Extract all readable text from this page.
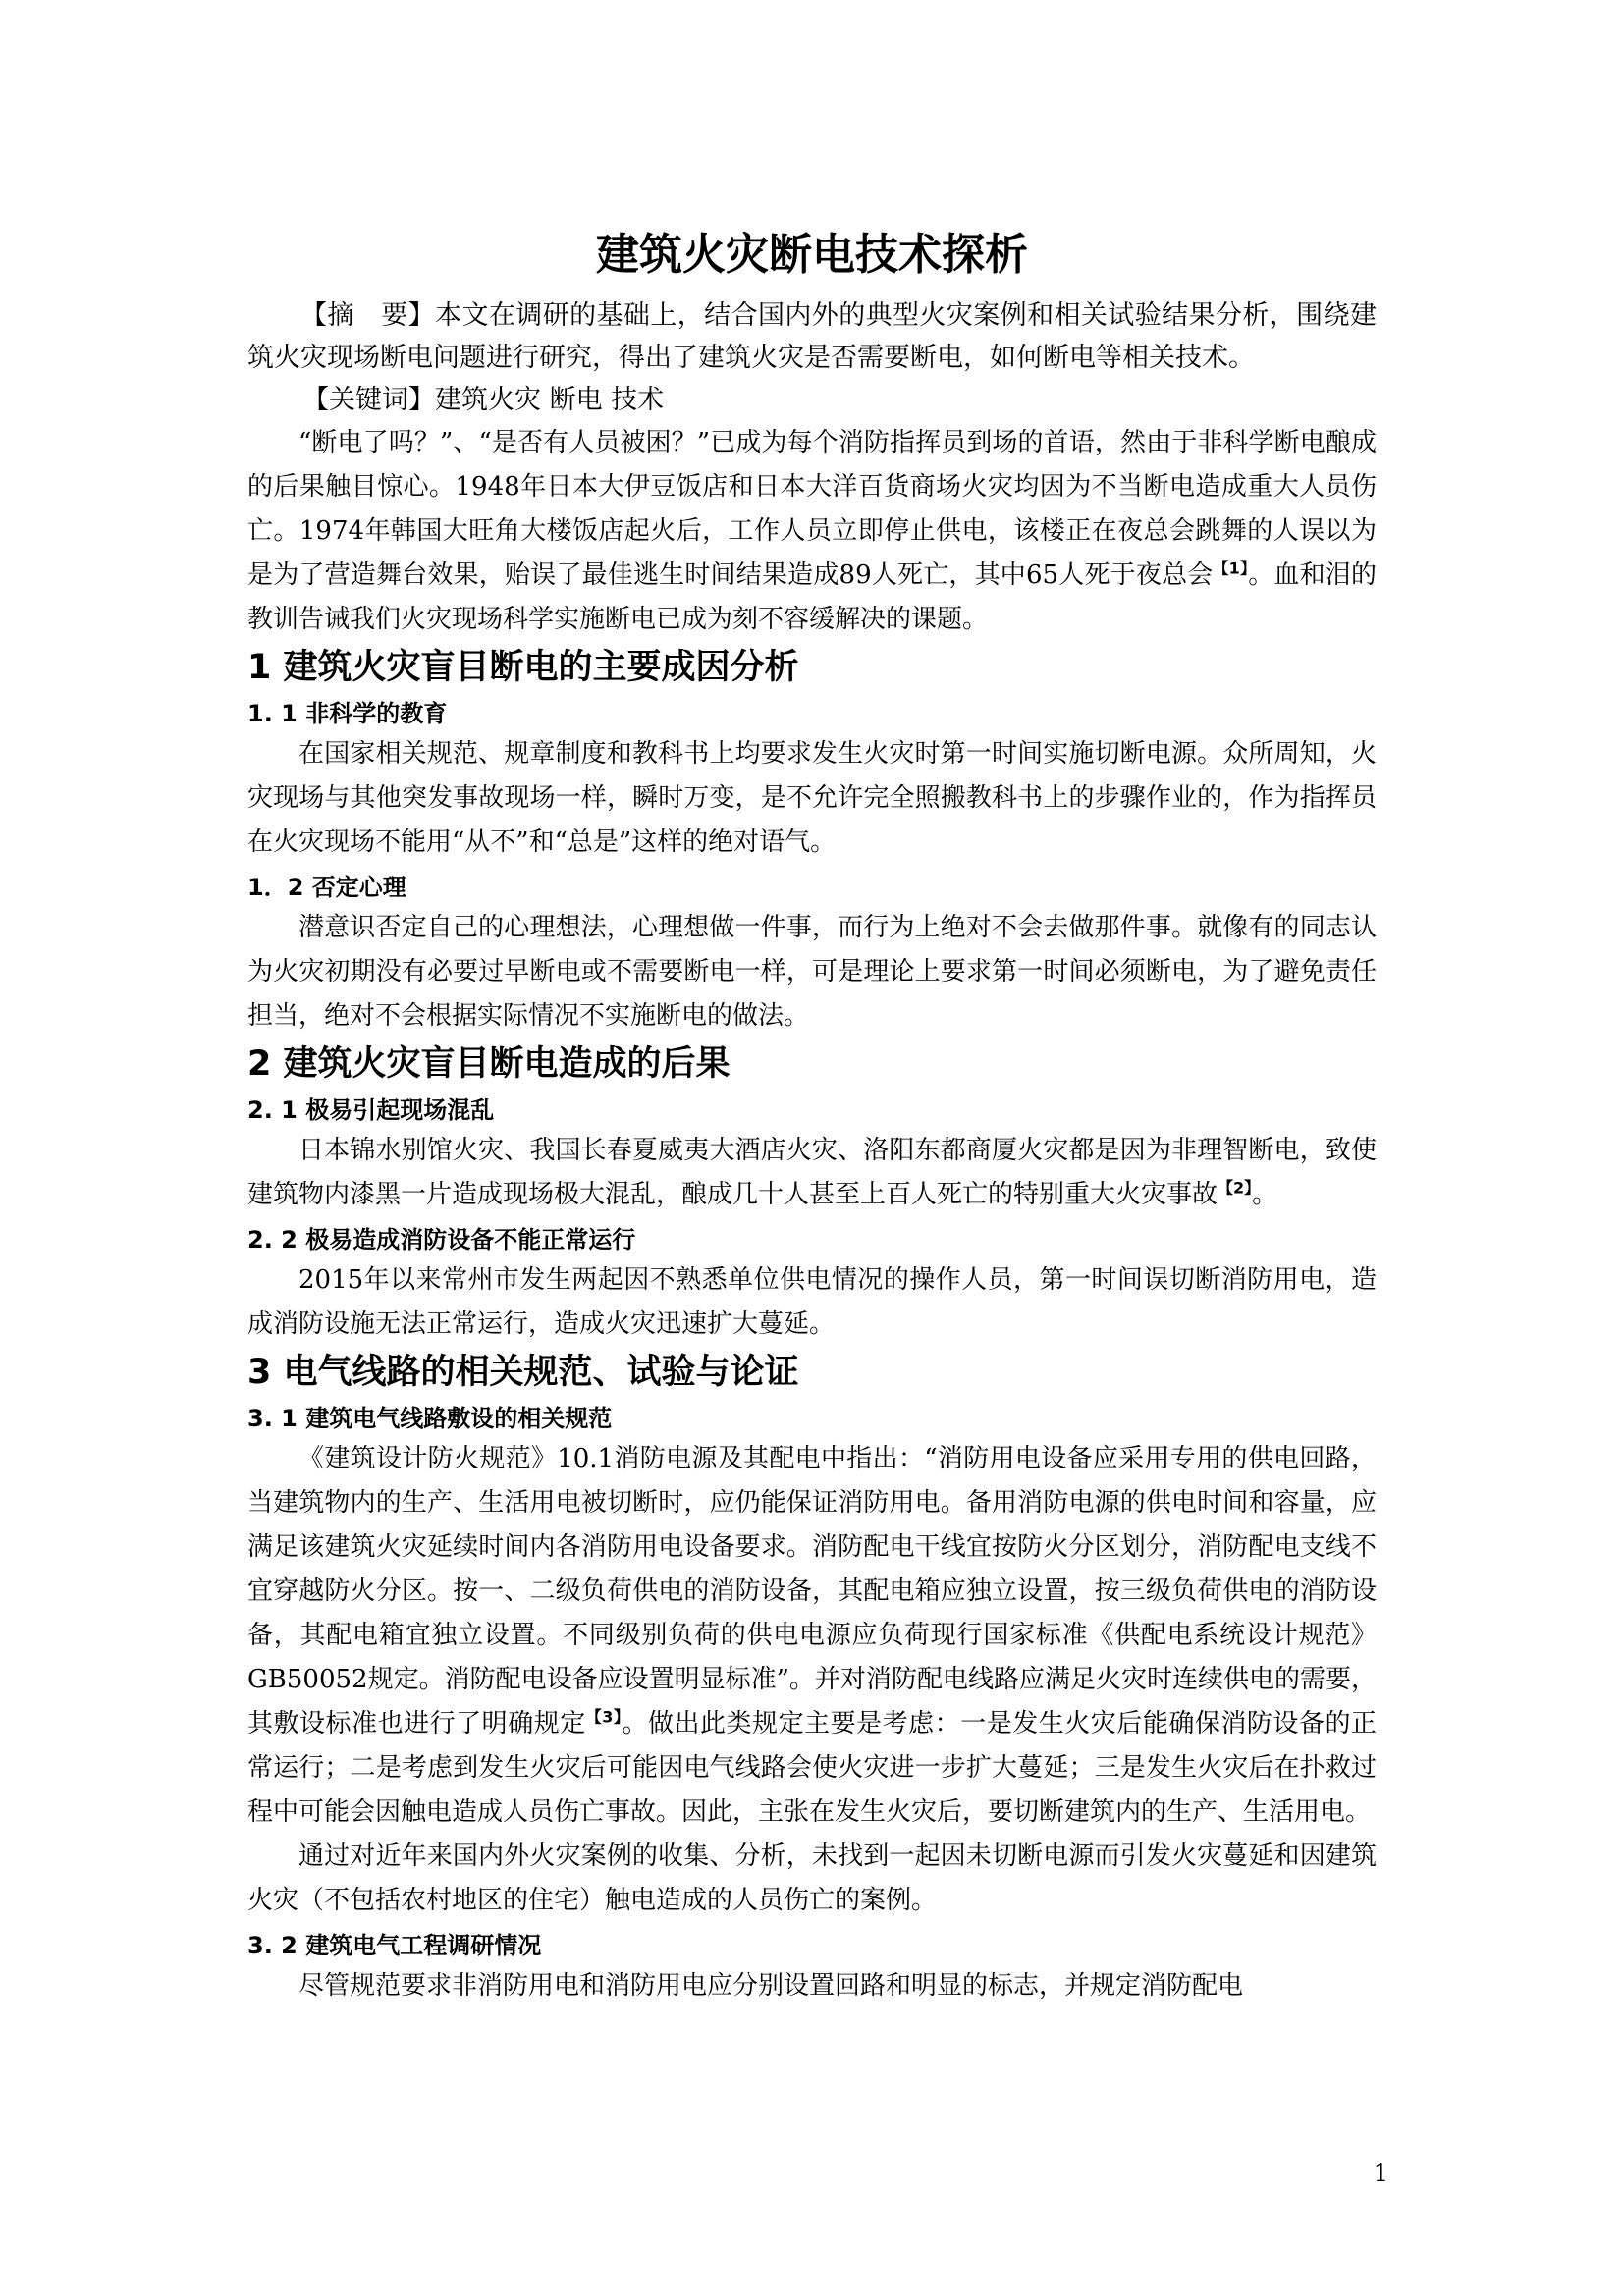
建筑火灾断电技术探析

【摘　要】本文在调研的基础上，结合国内外的典型火灾案例和相关试验结果分析，围绕建筑火灾现场断电问题进行研究，得出了建筑火灾是否需要断电，如何断电等相关技术。

【关键词】建筑火灾 断电 技术

“断电了吗？”、“是否有人员被困？”已成为每个消防指挥员到场的首语，然由于非科学断电酿成的后果触目惊心。1948年日本大伊豆饭店和日本大洋百货商场火灾均因为不当断电造成重大人员伤亡。1974年韩国大旺角大楼饭店起火后，工作人员立即停止供电，该楼正在夜总会跳舞的人误以为是为了营造舞台效果，贻误了最佳逃生时间结果造成89人死亡，其中65人死于夜总会$^{【1】}$。血和泪的教训告诫我们火灾现场科学实施断电已成为刻不容缓解决的课题。

1 建筑火灾盲目断电的主要成因分析
1. 1 非科学的教育

在国家相关规范、规章制度和教科书上均要求发生火灾时第一时间实施切断电源。众所周知，火灾现场与其他突发事故现场一样，瞬时万变，是不允许完全照搬教科书上的步骤作业的，作为指挥员在火灾现场不能用“从不”和“总是”这样的绝对语气。

1．2 否定心理

潜意识否定自己的心理想法，心理想做一件事，而行为上绝对不会去做那件事。就像有的同志认为火灾初期没有必要过早断电或不需要断电一样，可是理论上要求第一时间必须断电，为了避免责任担当，绝对不会根据实际情况不实施断电的做法。

2 建筑火灾盲目断电造成的后果
2. 1 极易引起现场混乱

日本锦水别馆火灾、我国长春夏威夷大酒店火灾、洛阳东都商厦火灾都是因为非理智断电，致使建筑物内漆黑一片造成现场极大混乱，酿成几十人甚至上百人死亡的特别重大火灾事故$^{【2】}$。

2. 2 极易造成消防设备不能正常运行

2015年以来常州市发生两起因不熟悉单位供电情况的操作人员，第一时间误切断消防用电，造成消防设施无法正常运行，造成火灾迅速扩大蔓延。

3 电气线路的相关规范、试验与论证
3. 1 建筑电气线路敷设的相关规范

《建筑设计防火规范》10.1消防电源及其配电中指出：“消防用电设备应采用专用的供电回路，当建筑物内的生产、生活用电被切断时，应仍能保证消防用电。备用消防电源的供电时间和容量，应满足该建筑火灾延续时间内各消防用电设备要求。消防配电干线宜按防火分区划分，消防配电支线不宜穿越防火分区。按一、二级负荷供电的消防设备，其配电箱应独立设置，按三级负荷供电的消防设备，其配电箱宜独立设置。不同级别负荷的供电电源应负荷现行国家标准《供配电系统设计规范》GB50052规定。消防配电设备应设置明显标准”。并对消防配电线路应满足火灾时连续供电的需要，其敷设标准也进行了明确规定$^{【3】}$。做出此类规定主要是考虑：一是发生火灾后能确保消防设备的正常运行；二是考虑到发生火灾后可能因电气线路会使火灾进一步扩大蔓延；三是发生火灾后在扑救过程中可能会因触电造成人员伤亡事故。因此，主张在发生火灾后，要切断建筑内的生产、生活用电。

通过对近年来国内外火灾案例的收集、分析，未找到一起因未切断电源而引发火灾蔓延和因建筑火灾（不包括农村地区的住宅）触电造成的人员伤亡的案例。

3. 2 建筑电气工程调研情况

尽管规范要求非消防用电和消防用电应分别设置回路和明显的标志，并规定消防配电

1
